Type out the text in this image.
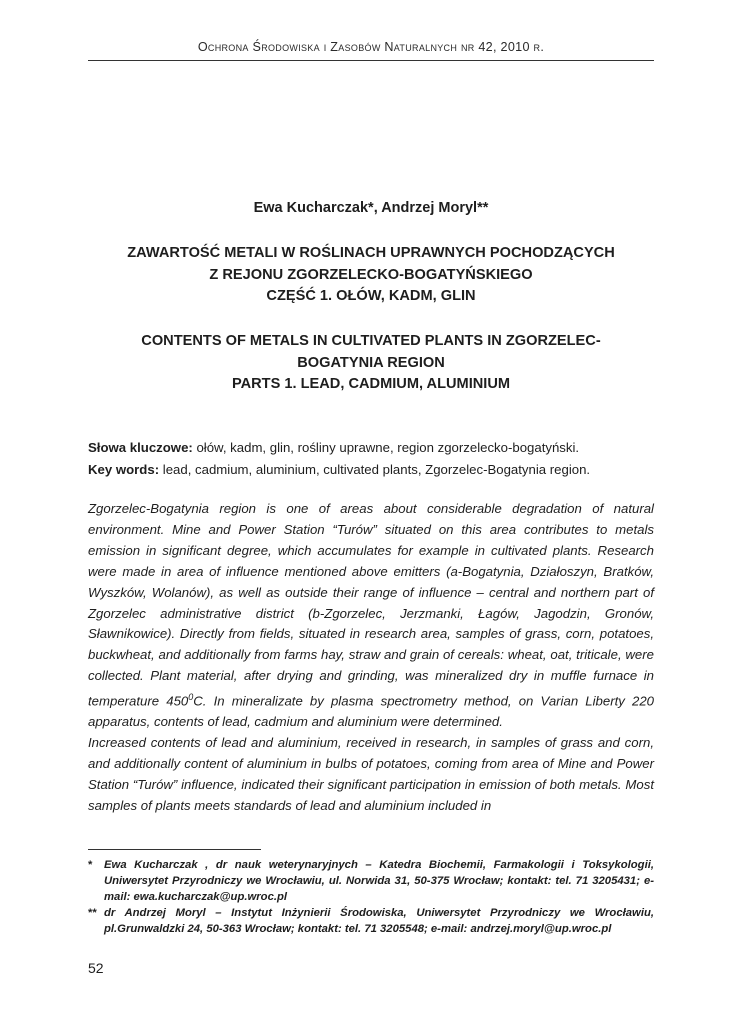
Ochrona Środowiska i Zasobów Naturalnych nr 42, 2010 r.
Ewa Kucharczak*, Andrzej Moryl**
ZAWARTOŚĆ METALI W ROŚLINACH UPRAWNYCH POCHODZĄCYCH
Z REJONU ZGORZELECKO-BOGATYŃSKIEGO
CZĘŚĆ 1. OŁÓW, KADM, GLIN
CONTENTS OF METALS IN CULTIVATED PLANTS IN ZGORZELEC-
BOGATYNIA REGION
PARTS 1. LEAD, CADMIUM, ALUMINIUM
Słowa kluczowe: ołów, kadm, glin, rośliny uprawne, region zgorzelecko-bogatyński.
Key words: lead, cadmium, aluminium, cultivated plants, Zgorzelec-Bogatynia region.

Zgorzelec-Bogatynia region is one of areas about considerable degradation of natural environment. Mine and Power Station “Turów” situated on this area contributes to metals emission in significant degree, which accumulates for example in cultivated plants. Research were made in area of influence mentioned above emitters (a-Bogatynia, Działoszyn, Bratków, Wyszków, Wolanów), as well as outside their range of influence – central and northern part of Zgorzelec administrative district (b-Zgorzelec, Jerzmanki, Łagów, Jagodzin, Gronów, Sławnikowice). Directly from fields, situated in research area, samples of grass, corn, potatoes, buckwheat, and additionally from farms hay, straw and grain of cereals: wheat, oat, triticale, were collected. Plant material, after drying and grinding, was mineralized dry in muffle furnace in temperature $450^0C$. In mineralizate by plasma spectrometry method, on Varian Liberty 220 apparatus, contents of lead, cadmium and aluminium were determined.

Increased contents of lead and aluminium, received in research, in samples of grass and corn, and additionally content of aluminium in bulbs of potatoes, coming from area of Mine and Power Station “Turów” influence, indicated their significant participation in emission of both metals. Most samples of plants meets standards of lead and aluminium included in

* Ewa Kucharczak , dr nauk weterynaryjnych – Katedra Biochemii, Farmakologii i Toksykologii, Uniwersytet Przyrodniczy we Wrocławiu, ul. Norwida 31, 50-375 Wrocław; kontakt: tel. 71 3205431; e-mail: ewa.kucharczak@up.wroc.pl
** dr Andrzej Moryl – Instytut Inżynierii Środowiska, Uniwersytet Przyrodniczy we Wrocławiu, pl.Grunwaldzki 24, 50-363 Wrocław; kontakt: tel. 71 3205548; e-mail: andrzej.moryl@up.wroc.pl
52
